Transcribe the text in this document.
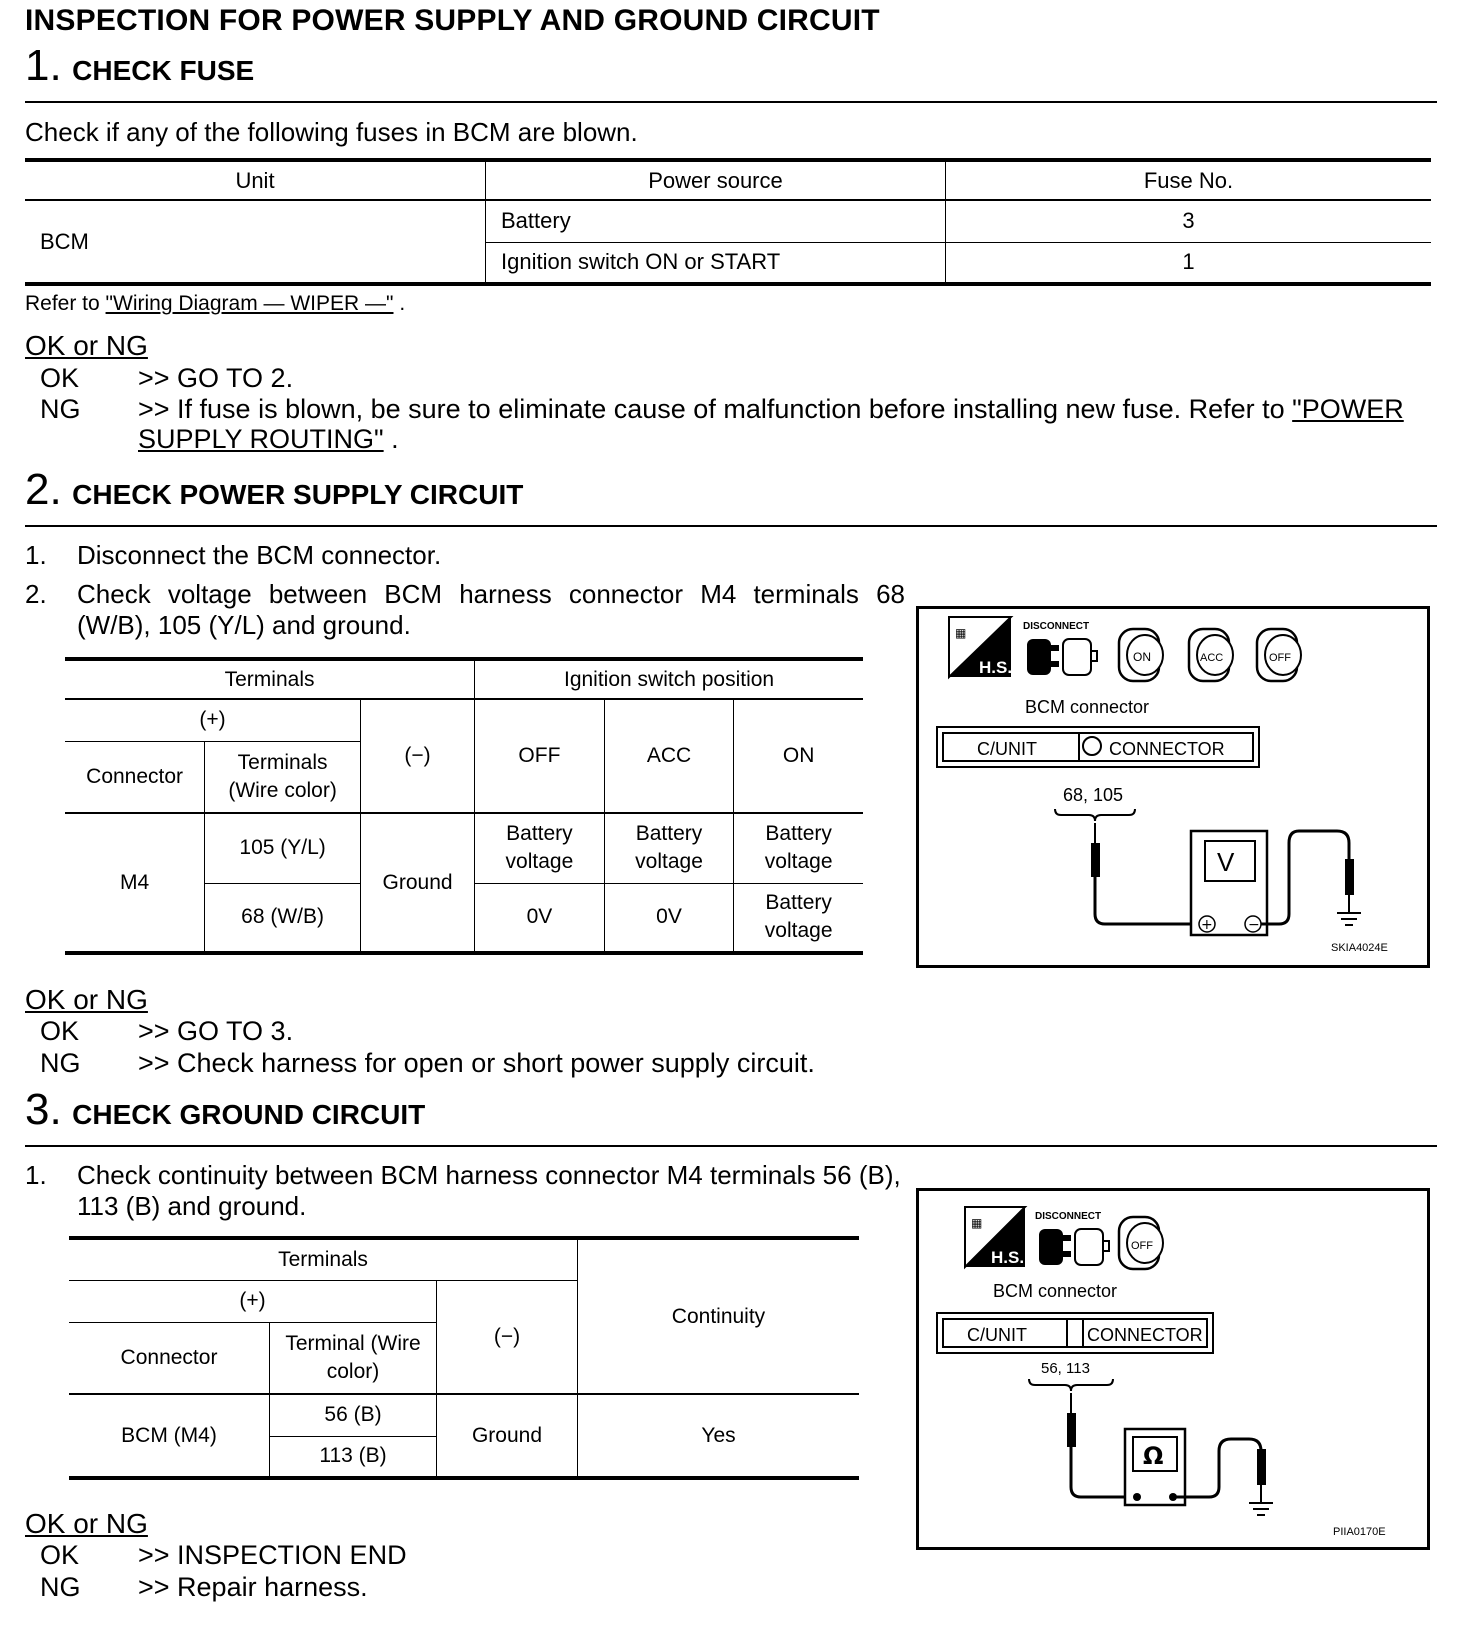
INSPECTION FOR POWER SUPPLY AND GROUND CIRCUIT
1. CHECK FUSE
Check if any of the following fuses in BCM are blown.
Unit	Power source	Fuse No.
BCM	Battery	3
	Ignition switch ON or START	1
Refer to "Wiring Diagram — WIPER —" .
OK or NG
OK >> GO TO 2.
NG >> If fuse is blown, be sure to eliminate cause of malfunction before installing new fuse. Refer to "POWER SUPPLY ROUTING" .
2. CHECK POWER SUPPLY CIRCUIT
1. Disconnect the BCM connector.
2. Check voltage between BCM harness connector M4 terminals 68 (W/B), 105 (Y/L) and ground.
Terminals			Ignition switch position		
(+)		(−)	OFF	ACC	ON
Connector	Terminals (Wire color)				
M4	105 (Y/L)	Ground	Battery voltage	Battery voltage	Battery voltage
	68 (W/B)		0V	0V	Battery voltage
▦
H.S.
DISCONNECT
ON	ACC	OFF
BCM connector
C/UNIT	CONNECTOR
68, 105
V
+	−
SKIA4024E
OK or NG
OK >> GO TO 3.
NG >> Check harness for open or short power supply circuit.
3. CHECK GROUND CIRCUIT
1. Check continuity between BCM harness connector M4 terminals 56 (B), 113 (B) and ground.
Terminals			Continuity
(+)		(−)	
Connector	Terminal (Wire color)		
BCM (M4)	56 (B)	Ground	Yes
	113 (B)		
▦
H.S.
DISCONNECT
OFF
BCM connector
C/UNIT	CONNECTOR
56, 113
Ω
PIIA0170E
OK or NG
OK >> INSPECTION END
NG >> Repair harness.
